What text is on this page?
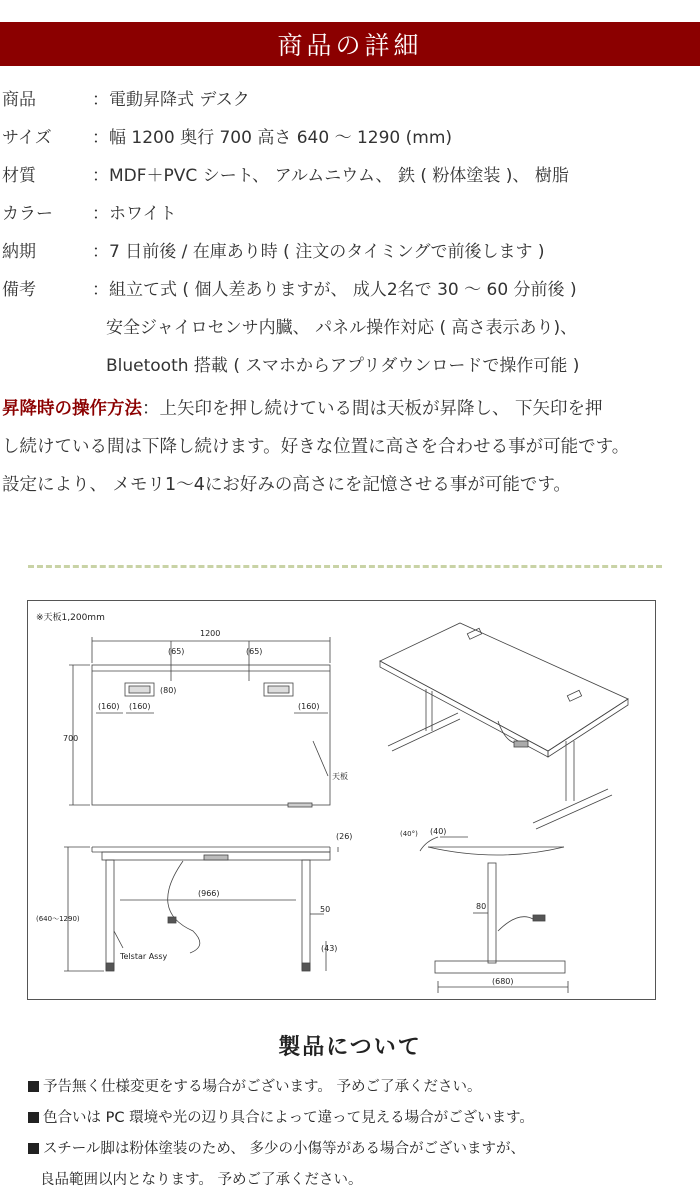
商品の詳細
商品	：電動昇降式 デスク
サイズ ：幅 1200 奥行 700 高さ 640 ～ 1290 (mm)
材質	：MDF＋PVC シート、 アルムニウム、 鉄 ( 粉体塗装 )、 樹脂
カラー ：ホワイト
納期	：7 日前後 / 在庫あり時 ( 注文のタイミングで前後します )
備考	：組立て式 ( 個人差ありますが、 成人2名で 30 ～ 60 分前後 )
安全ジャイロセンサ内臓、 パネル操作対応 ( 高さ表示あり)、
Bluetooth 搭載 ( スマホからアプリダウンロードで操作可能 )
昇降時の操作方法：上矢印を押し続けている間は天板が昇降し、 下矢印を押
し続けている間は下降し続けます。好きな位置に高さを合わせる事が可能です。
設定により、 メモリ1～4にお好みの高さにを記憶させる事が可能です。
※天板1,200mm
1200
(65)	(65)
(80)
(160) (160)	(160)
700
天板
(26)
(966)
50
(640～1290)
(43)
Telstar Assy
(40)
(40°)
80
(680)
製品について
予告無く仕様変更をする場合がございます。 予めご了承ください。
色合いは PC 環境や光の辺り具合によって違って見える場合がございます。
スチール脚は粉体塗装のため、 多少の小傷等がある場合がございますが、
良品範囲以内となります。 予めご了承ください。
